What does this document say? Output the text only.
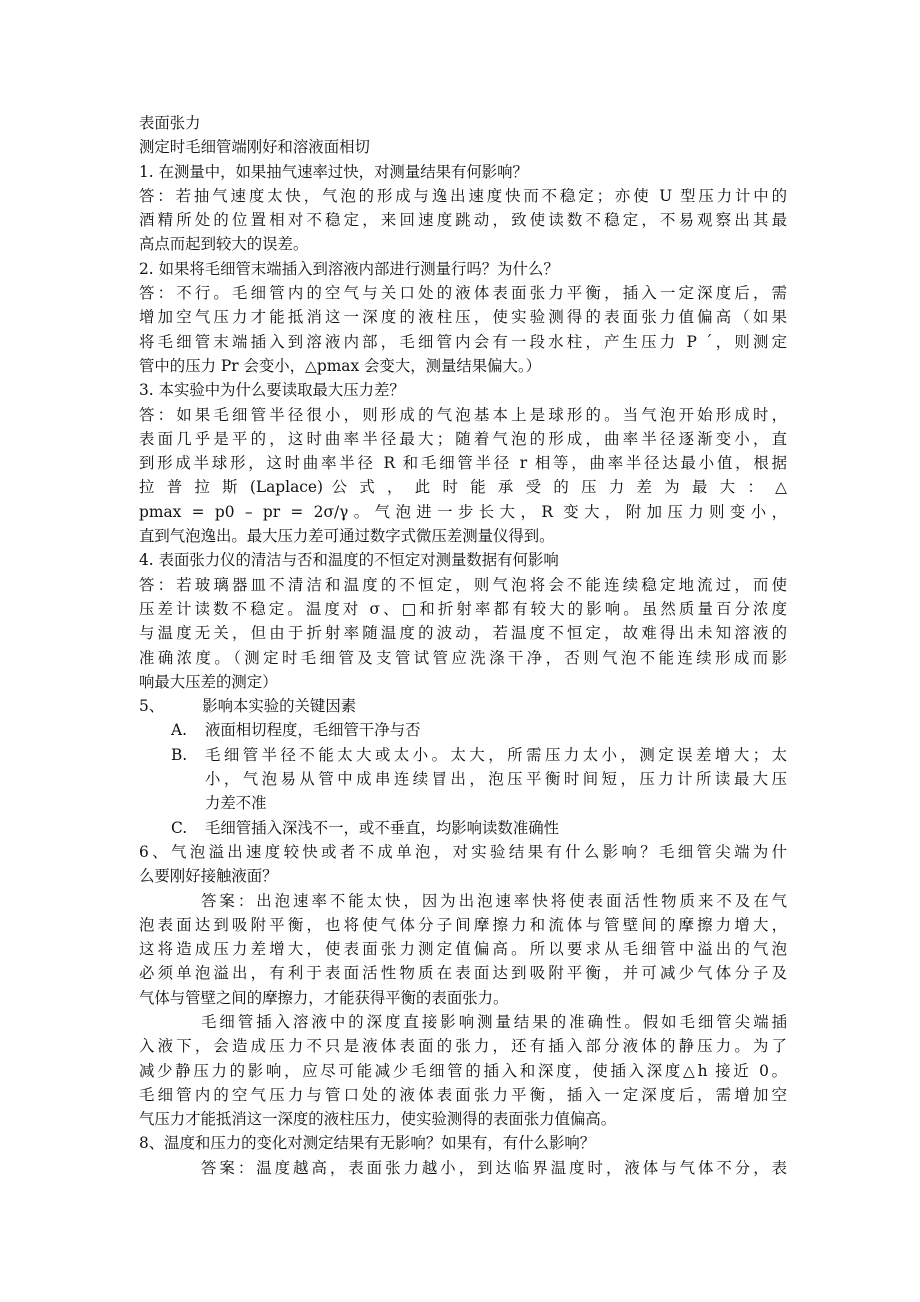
表面张力
测定时毛细管端刚好和溶液面相切
1. 在测量中，如果抽气速率过快，对测量结果有何影响？
答：若抽气速度太快，气泡的形成与逸出速度快而不稳定；亦使 U 型压力计中的
酒精所处的位置相对不稳定，来回速度跳动，致使读数不稳定，不易观察出其最
高点而起到较大的误差。
2. 如果将毛细管末端插入到溶液内部进行测量行吗？为什么？
答：不行。毛细管内的空气与关口处的液体表面张力平衡，插入一定深度后，需
增加空气压力才能抵消这一深度的液柱压，使实验测得的表面张力值偏高（如果
将毛细管末端插入到溶液内部，毛细管内会有一段水柱，产生压力 P ´，则测定
管中的压力 Pr 会变小，△pmax 会变大，测量结果偏大。）
3. 本实验中为什么要读取最大压力差？
答：如果毛细管半径很小，则形成的气泡基本上是球形的。当气泡开始形成时，
表面几乎是平的，这时曲率半径最大；随着气泡的形成，曲率半径逐渐变小，直
到形成半球形，这时曲率半径 R 和毛细管半径 r 相等，曲率半径达最小值，根据
拉 普 拉 斯 (Laplace) 公 式 ， 此 时 能 承 受 的 压 力 差 为 最 大 ： △
pmax = p0 – pr = 2σ/γ。气泡进一步长大，R 变大，附加压力则变小，
直到气泡逸出。最大压力差可通过数字式微压差测量仪得到。
4. 表面张力仪的清洁与否和温度的不恒定对测量数据有何影响
答：若玻璃器皿不清洁和温度的不恒定，则气泡将会不能连续稳定地流过，而使
压差计读数不稳定。温度对 σ、□和折射率都有较大的影响。虽然质量百分浓度
与温度无关，但由于折射率随温度的波动，若温度不恒定，故难得出未知溶液的
准确浓度。（测定时毛细管及支管试管应洗涤干净，否则气泡不能连续形成而影
响最大压差的测定）
5、 影响本实验的关键因素
A. 液面相切程度，毛细管干净与否
B. 毛细管半径不能太大或太小。太大，所需压力太小，测定误差增大；太
小，气泡易从管中成串连续冒出，泡压平衡时间短，压力计所读最大压
力差不准
C. 毛细管插入深浅不一，或不垂直，均影响读数准确性
6、气泡溢出速度较快或者不成单泡，对实验结果有什么影响？毛细管尖端为什
么要刚好接触液面？
答案：出泡速率不能太快，因为出泡速率快将使表面活性物质来不及在气
泡表面达到吸附平衡，也将使气体分子间摩擦力和流体与管壁间的摩擦力增大，
这将造成压力差增大，使表面张力测定值偏高。所以要求从毛细管中溢出的气泡
必须单泡溢出，有利于表面活性物质在表面达到吸附平衡，并可减少气体分子及
气体与管壁之间的摩擦力，才能获得平衡的表面张力。
毛细管插入溶液中的深度直接影响测量结果的准确性。假如毛细管尖端插
入液下，会造成压力不只是液体表面的张力，还有插入部分液体的静压力。为了
减少静压力的影响，应尽可能减少毛细管的插入和深度，使插入深度△h 接近 0。
毛细管内的空气压力与管口处的液体表面张力平衡，插入一定深度后，需增加空
气压力才能抵消这一深度的液柱压力，使实验测得的表面张力值偏高。
8、温度和压力的变化对测定结果有无影响？如果有，有什么影响？
答案：温度越高，表面张力越小，到达临界温度时，液体与气体不分，表
